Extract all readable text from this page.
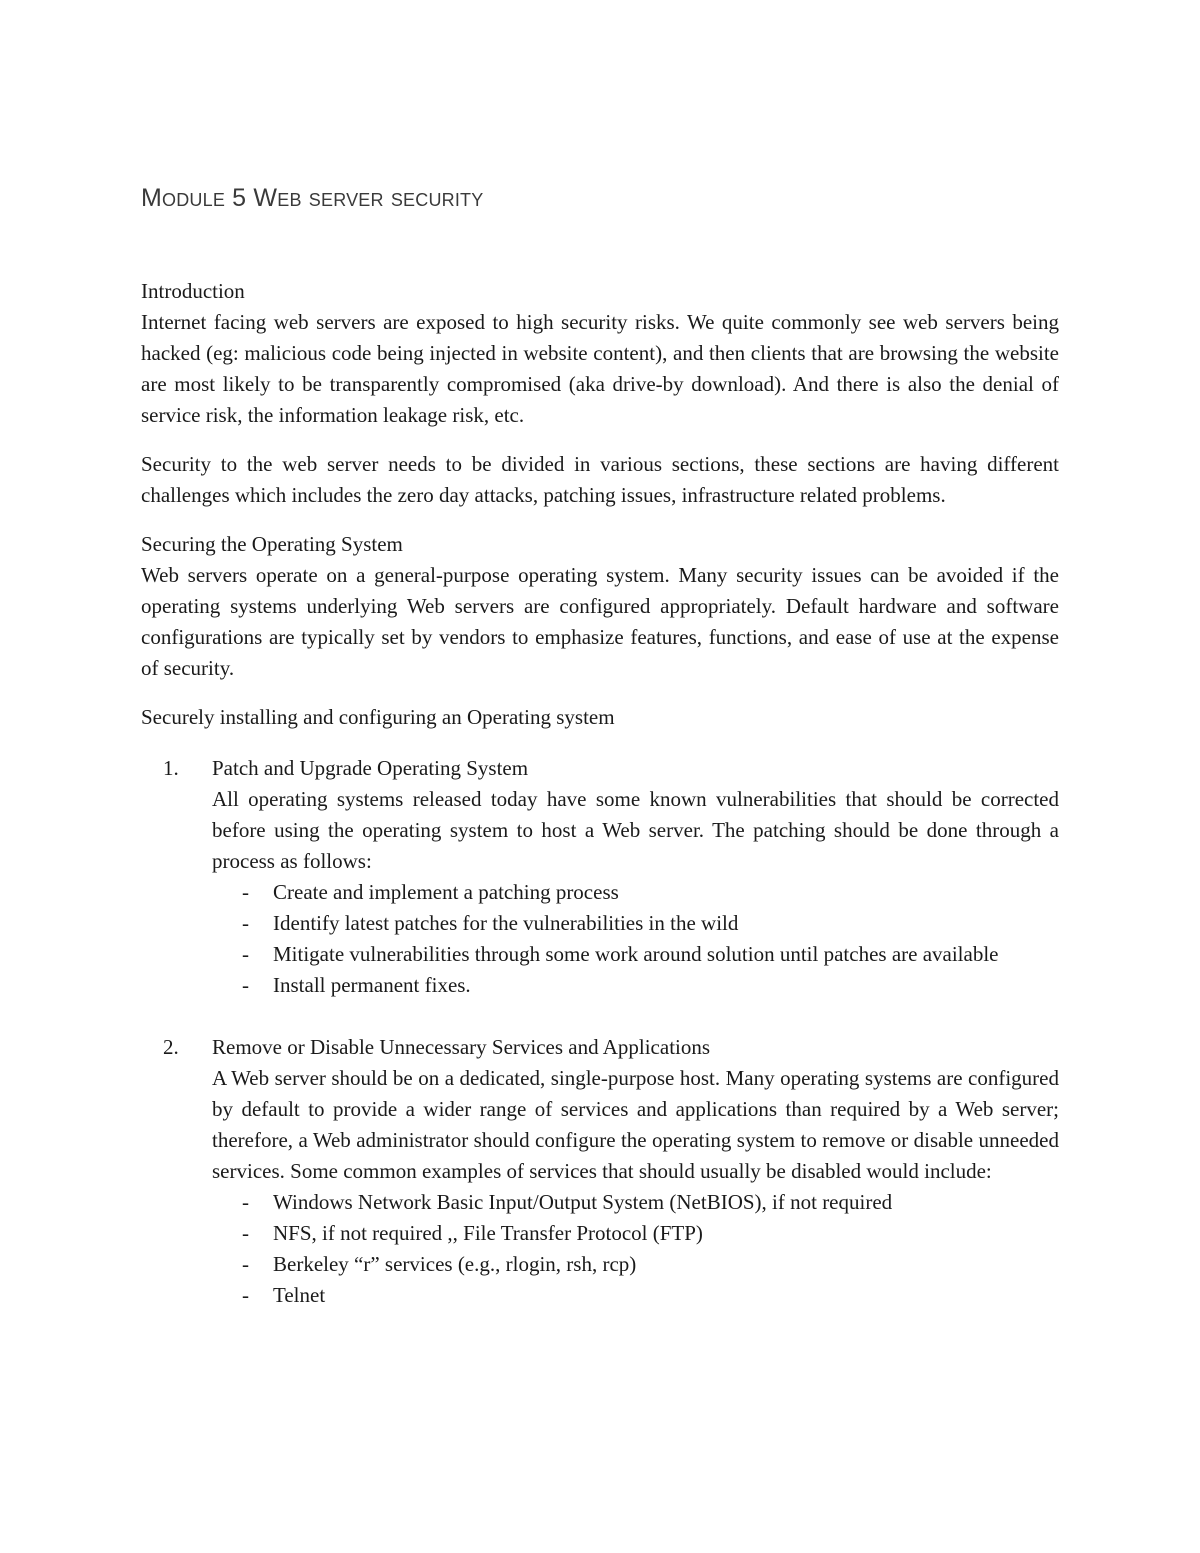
Module 5 Web server security

Introduction

Internet facing web servers are exposed to high security risks. We quite commonly see web servers being hacked (eg: malicious code being injected in website content), and then clients that are browsing the website are most likely to be transparently compromised (aka drive-by download). And there is also the denial of service risk, the information leakage risk, etc.

Security to the web server needs to be divided in various sections, these sections are having different challenges which includes the zero day attacks, patching issues, infrastructure related problems.

Securing the Operating System

Web servers operate on a general-purpose operating system. Many security issues can be avoided if the operating systems underlying Web servers are configured appropriately. Default hardware and software configurations are typically set by vendors to emphasize features, functions, and ease of use at the expense of security.

Securely installing and configuring an Operating system

1. Patch and Upgrade Operating System

All operating systems released today have some known vulnerabilities that should be corrected before using the operating system to host a Web server. The patching should be done through a process as follows:

- Create and implement a patching process
- Identify latest patches for the vulnerabilities in the wild
- Mitigate vulnerabilities through some work around solution until patches are available
- Install permanent fixes.
2. Remove or Disable Unnecessary Services and Applications

A Web server should be on a dedicated, single-purpose host. Many operating systems are configured by default to provide a wider range of services and applications than required by a Web server; therefore, a Web administrator should configure the operating system to remove or disable unneeded services. Some common examples of services that should usually be disabled would include:

- Windows Network Basic Input/Output System (NetBIOS), if not required
- NFS, if not required ,, File Transfer Protocol (FTP)
- Berkeley “r” services (e.g., rlogin, rsh, rcp)
- Telnet
